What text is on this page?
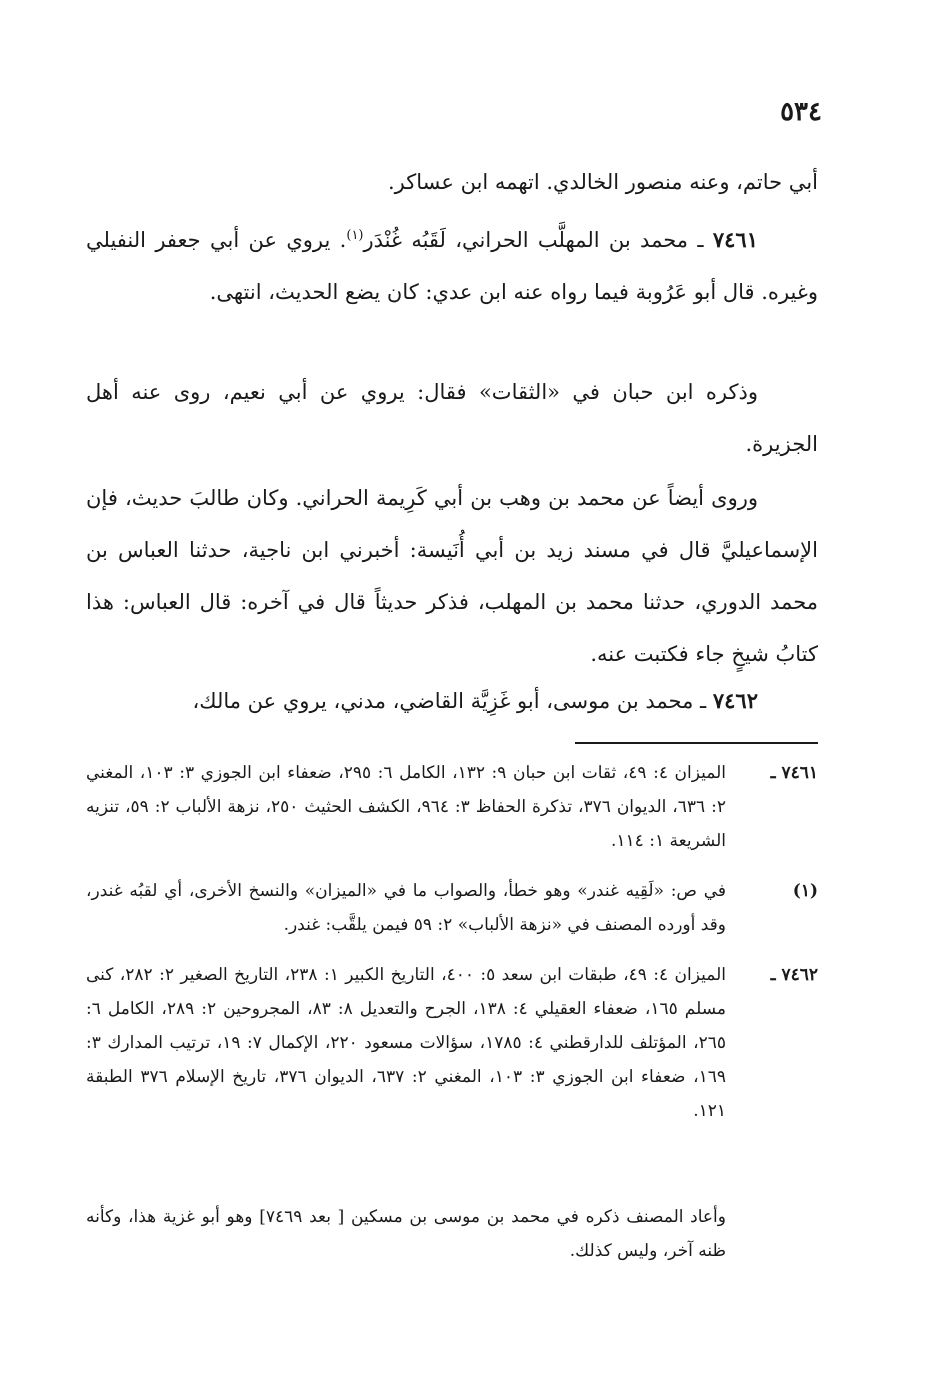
٥٣٤
أبي حاتم، وعنه منصور الخالدي. اتهمه ابن عساكر.
٧٤٦١ ـ محمد بن المهلَّب الحراني، لَقَبُه غُنْدَر$^{(١)}$. يروي عن أبي جعفر النفيلي وغيره. قال أبو عَرُوبة فيما رواه عنه ابن عدي: كان يضع الحديث، انتهى.
وذكره ابن حبان في «الثقات» فقال: يروي عن أبي نعيم، روى عنه أهل الجزيرة.
وروى أيضاً عن محمد بن وهب بن أبي كَرِيمة الحراني. وكان طالبَ حديث، فإن الإسماعيليَّ قال في مسند زيد بن أبي أُنَيسة: أخبرني ابن ناجية، حدثنا العباس بن محمد الدوري، حدثنا محمد بن المهلب، فذكر حديثاً قال في آخره: قال العباس: هذا كتابُ شيخٍ جاء فكتبت عنه.
٧٤٦٢ ـ محمد بن موسى، أبو غَزِيَّة القاضي، مدني، يروي عن مالك،
٧٤٦١ ـ
الميزان ٤: ٤٩، ثقات ابن حبان ٩: ١٣٢، الكامل ٦: ٢٩٥، ضعفاء ابن الجوزي ٣: ١٠٣، المغني ٢: ٦٣٦، الديوان ٣٧٦، تذكرة الحفاظ ٣: ٩٦٤، الكشف الحثيث ٢٥٠، نزهة الألباب ٢: ٥٩، تنزيه الشريعة ١: ١١٤.
(١)
في ص: «لَقِيه غندر» وهو خطأ، والصواب ما في «الميزان» والنسخ الأخرى، أي لقبُه غندر، وقد أورده المصنف في «نزهة الألباب» ٢: ٥٩ فيمن يلقَّب: غندر.
٧٤٦٢ ـ
الميزان ٤: ٤٩، طبقات ابن سعد ٥: ٤٠٠، التاريخ الكبير ١: ٢٣٨، التاريخ الصغير ٢: ٢٨٢، كنى مسلم ١٦٥، ضعفاء العقيلي ٤: ١٣٨، الجرح والتعديل ٨: ٨٣، المجروحين ٢: ٢٨٩، الكامل ٦: ٢٦٥، المؤتلف للدارقطني ٤: ١٧٨٥، سؤالات مسعود ٢٢٠، الإكمال ٧: ١٩، ترتيب المدارك ٣: ١٦٩، ضعفاء ابن الجوزي ٣: ١٠٣، المغني ٢: ٦٣٧، الديوان ٣٧٦، تاريخ الإسلام ٣٧٦ الطبقة ١٢١.
وأعاد المصنف ذكره في محمد بن موسى بن مسكين [ بعد ٧٤٦٩] وهو أبو غزية هذا، وكأنه ظنه آخر، وليس كذلك.
